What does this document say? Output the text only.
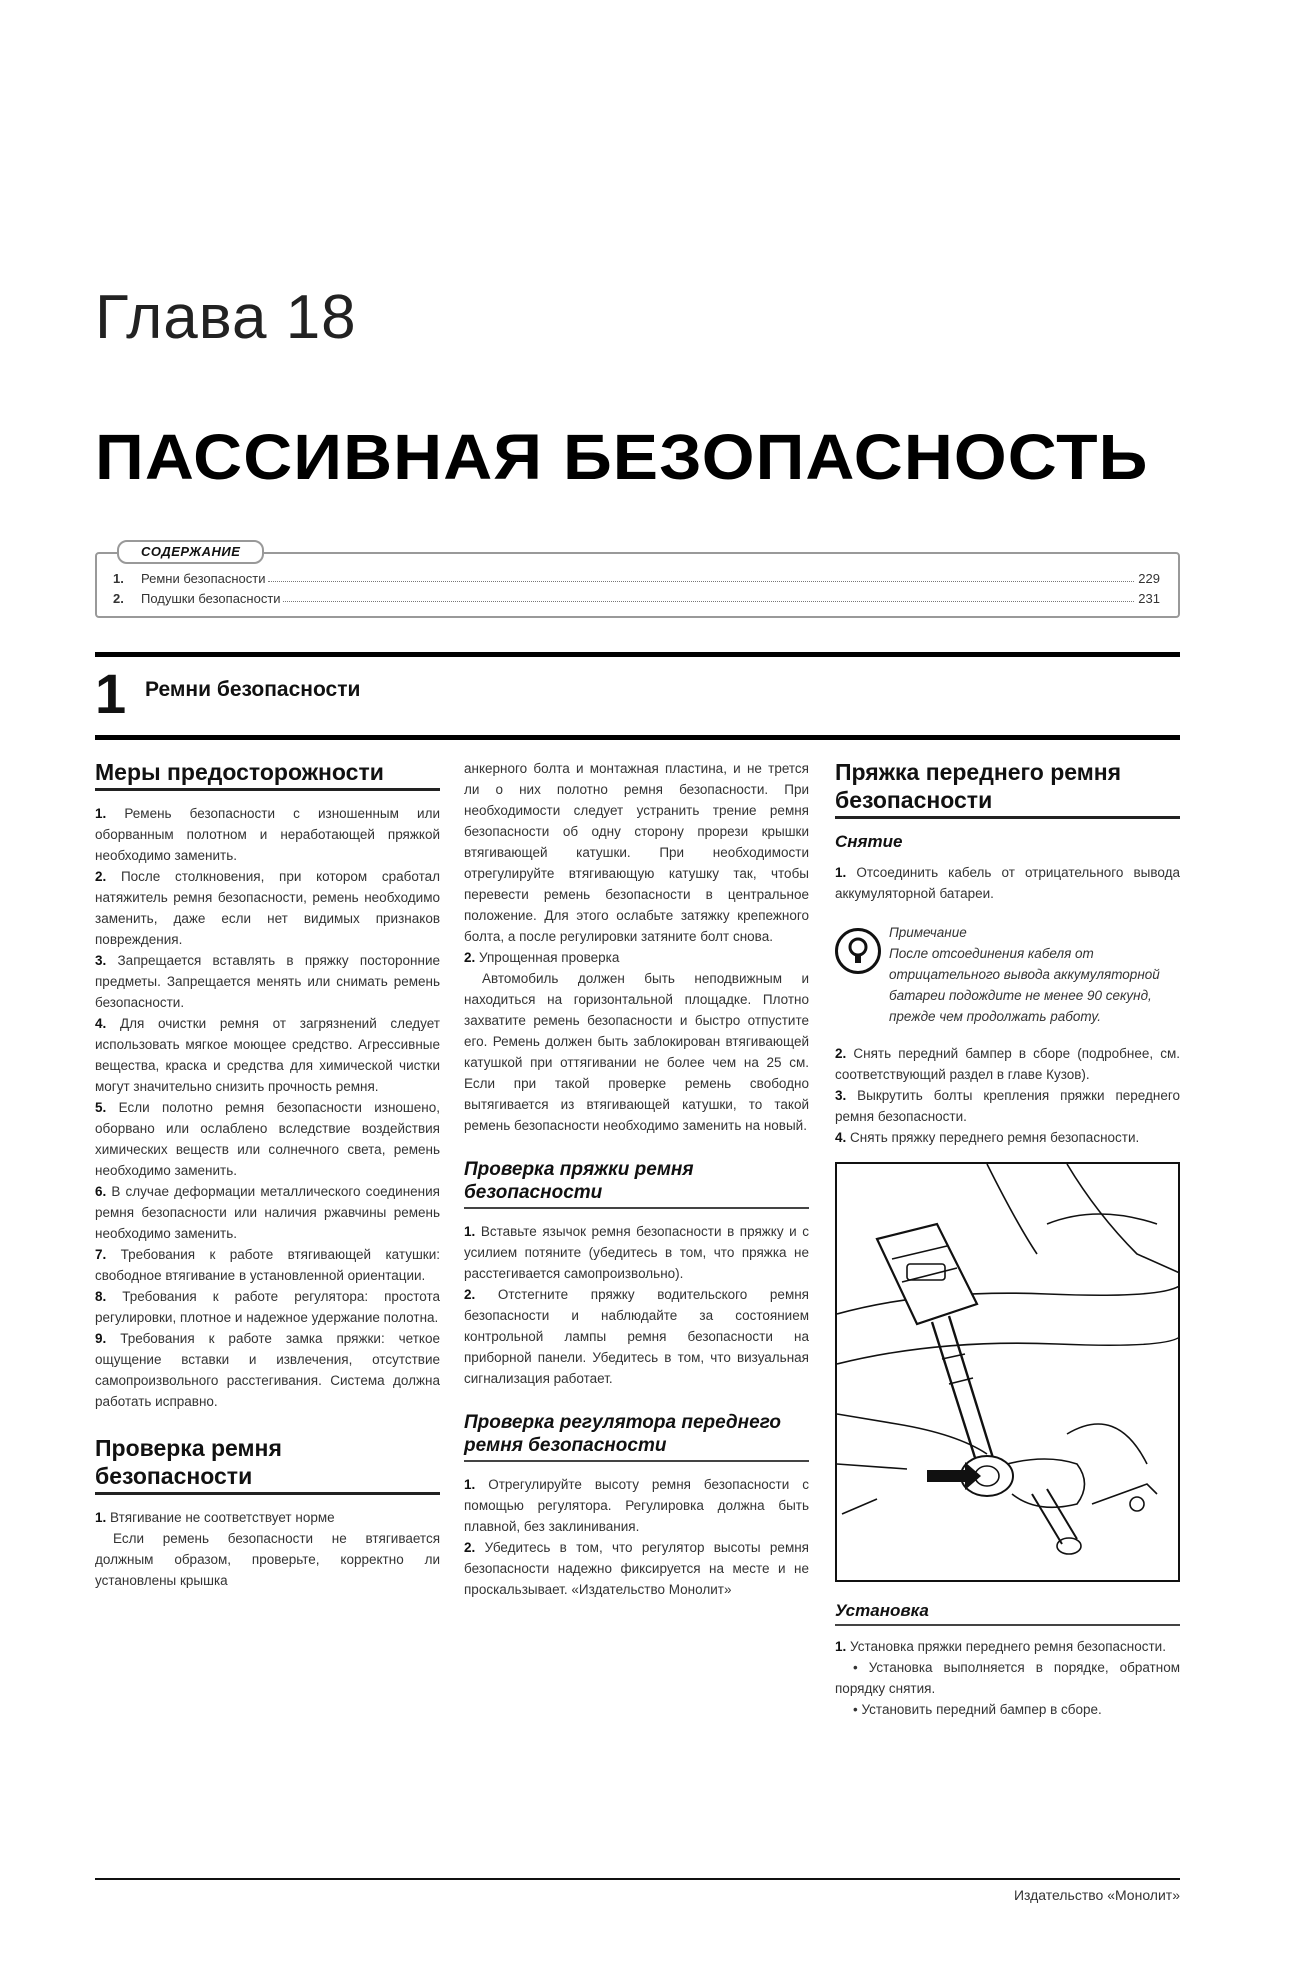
Глава 18
ПАССИВНАЯ БЕЗОПАСНОСТЬ
СОДЕРЖАНИЕ
1.	Ремни безопасности	229
2.	Подушки безопасности	231
1 Ремни безопасности
Меры предосторожности

1. Ремень безопасности с изношенным или оборванным полотном и неработающей пряжкой необходимо заменить.

2. После столкновения, при котором сработал натяжитель ремня безопасности, ремень необходимо заменить, даже если нет видимых признаков повреждения.

3. Запрещается вставлять в пряжку посторонние предметы. Запрещается менять или снимать ремень безопасности.

4. Для очистки ремня от загрязнений следует использовать мягкое моющее средство. Агрессивные вещества, краска и средства для химической чистки могут значительно снизить прочность ремня.

5. Если полотно ремня безопасности изношено, оборвано или ослаблено вследствие воздействия химических веществ или солнечного света, ремень необходимо заменить.

6. В случае деформации металлического соединения ремня безопасности или наличия ржавчины ремень необходимо заменить.

7. Требования к работе втягивающей катушки: свободное втягивание в установленной ориентации.

8. Требования к работе регулятора: простота регулировки, плотное и надежное удержание полотна.

9. Требования к работе замка пряжки: четкое ощущение вставки и извлечения, отсутствие самопроизвольного расстегивания. Система должна работать исправно.

Проверка ремня безопасности

1. Втягивание не соответствует норме

Если ремень безопасности не втягивается должным образом, проверьте, корректно ли установлены крышка

анкерного болта и монтажная пластина, и не трется ли о них полотно ремня безопасности. При необходимости следует устранить трение ремня безопасности об одну сторону прорези крышки втягивающей катушки. При необходимости отрегулируйте втягивающую катушку так, чтобы перевести ремень безопасности в центральное положение. Для этого ослабьте затяжку крепежного болта, а после регулировки затяните болт снова.

2. Упрощенная проверка

Автомобиль должен быть неподвижным и находиться на горизонтальной площадке. Плотно захватите ремень безопасности и быстро отпустите его. Ремень должен быть заблокирован втягивающей катушкой при оттягивании не более чем на 25 см. Если при такой проверке ремень свободно вытягивается из втягивающей катушки, то такой ремень безопасности необходимо заменить на новый.

Проверка пряжки ремня безопасности

1. Вставьте язычок ремня безопасности в пряжку и с усилием потяните (убедитесь в том, что пряжка не расстегивается самопроизвольно).

2. Отстегните пряжку водительского ремня безопасности и наблюдайте за состоянием контрольной лампы ремня безопасности на приборной панели. Убедитесь в том, что визуальная сигнализация работает.

Проверка регулятора переднего ремня безопасности

1. Отрегулируйте высоту ремня безопасности с помощью регулятора. Регулировка должна быть плавной, без заклинивания.

2. Убедитесь в том, что регулятор высоты ремня безопасности надежно фиксируется на месте и не проскальзывает. «Издательство Монолит»

Пряжка переднего ремня безопасности
Снятие

1. Отсоединить кабель от отрицательного вывода аккумуляторной батареи.

Примечание
После отсоединения кабеля от отрицательного вывода аккумуляторной батареи подождите не менее 90 секунд, прежде чем продолжать работу.

2. Снять передний бампер в сборе (подробнее, см. соответствующий раздел в главе Кузов).

3. Выкрутить болты крепления пряжки переднего ремня безопасности.

4. Снять пряжку переднего ремня безопасности.

Установка

1. Установка пряжки переднего ремня безопасности.

• Установка выполняется в порядке, обратном порядку снятия.

• Установить передний бампер в сборе.

Издательство «Монолит»
